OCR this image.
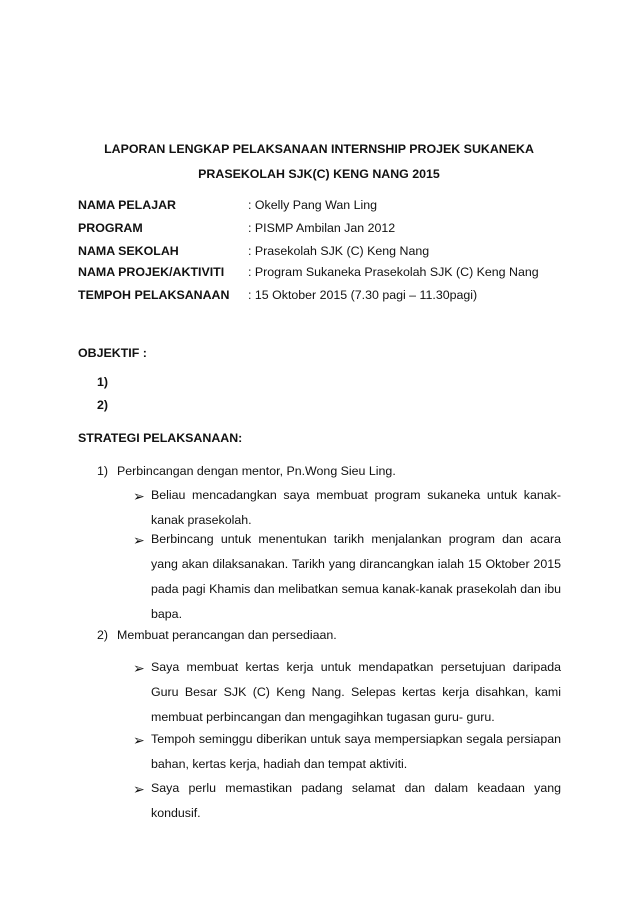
LAPORAN LENGKAP PELAKSANAAN INTERNSHIP PROJEK SUKANEKA
PRASEKOLAH SJK(C) KENG NANG 2015
NAMA PELAJAR	: Okelly Pang Wan Ling
PROGRAM	: PISMP Ambilan Jan 2012
NAMA SEKOLAH	: Prasekolah SJK (C) Keng Nang
NAMA PROJEK/AKTIVITI : Program Sukaneka Prasekolah SJK (C) Keng Nang
TEMPOH PELAKSANAAN : 15 Oktober 2015 (7.30 pagi – 11.30pagi)
OBJEKTIF :
1)
2)
STRATEGI PELAKSANAAN:
1) Perbincangan dengan mentor, Pn.Wong Sieu Ling.
➢ Beliau mencadangkan saya membuat program sukaneka untuk kanak-kanak prasekolah.
➢ Berbincang untuk menentukan tarikh menjalankan program dan acara yang akan dilaksanakan. Tarikh yang dirancangkan ialah 15 Oktober 2015 pada pagi Khamis dan melibatkan semua kanak-kanak prasekolah dan ibu bapa.
2) Membuat perancangan dan persediaan.
➢ Saya membuat kertas kerja untuk mendapatkan persetujuan daripada Guru Besar SJK (C) Keng Nang. Selepas kertas kerja disahkan, kami membuat perbincangan dan mengagihkan tugasan guru- guru.
➢ Tempoh seminggu diberikan untuk saya mempersiapkan segala persiapan bahan, kertas kerja, hadiah dan tempat aktiviti.
➢ Saya perlu memastikan padang selamat dan dalam keadaan yang kondusif.
